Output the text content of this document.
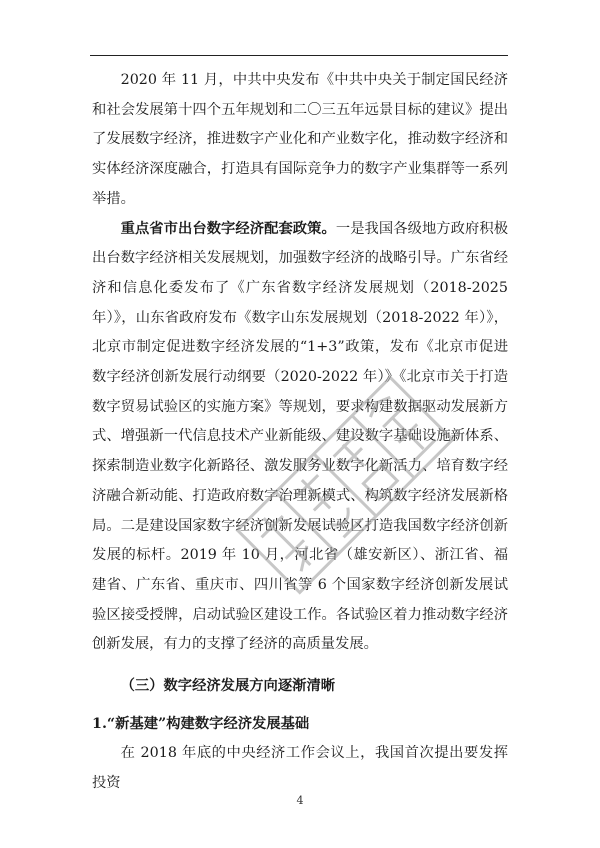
2020 年 11 月，中共中央发布《中共中央关于制定国民经济和社会发展第十四个五年规划和二〇三五年远景目标的建议》提出了发展数字经济，推进数字产业化和产业数字化，推动数字经济和实体经济深度融合，打造具有国际竞争力的数字产业集群等一系列举措。

重点省市出台数字经济配套政策。一是我国各级地方政府积极出台数字经济相关发展规划，加强数字经济的战略引导。广东省经济和信息化委发布了《广东省数字经济发展规划（2018-2025 年）》，山东省政府发布《数字山东发展规划（2018-2022 年）》，北京市制定促进数字经济发展的“1+3”政策，发布《北京市促进数字经济创新发展行动纲要（2020-2022 年）》《北京市关于打造数字贸易试验区的实施方案》等规划，要求构建数据驱动发展新方式、增强新一代信息技术产业新能级、建设数字基础设施新体系、探索制造业数字化新路径、激发服务业数字化新活力、培育数字经济融合新动能、打造政府数字治理新模式、构筑数字经济发展新格局。二是建设国家数字经济创新发展试验区打造我国数字经济创新发展的标杆。2019 年 10 月，河北省（雄安新区）、浙江省、福建省、广东省、重庆市、四川省等 6 个国家数字经济创新发展试验区接受授牌，启动试验区建设工作。各试验区着力推动数字经济创新发展，有力的支撑了经济的高质量发展。

（三）数字经济发展方向逐渐清晰

1.“新基建”构建数字经济发展基础

在 2018 年底的中央经济工作会议上，我国首次提出要发挥投资

4
